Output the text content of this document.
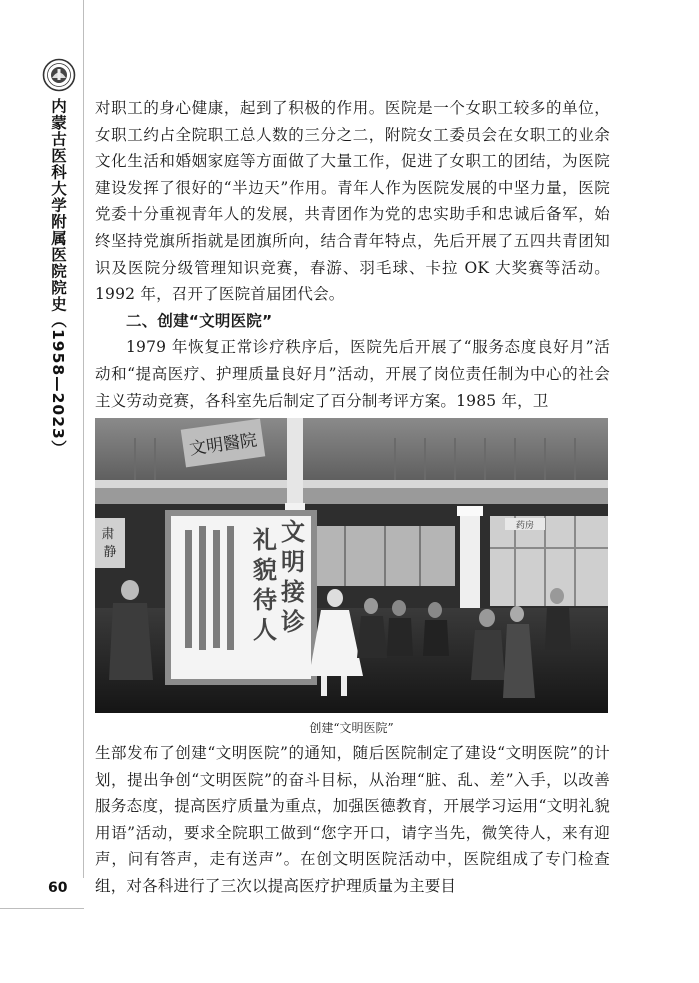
内蒙古医科大学附属医院院史（1958—2023）
60

对职工的身心健康，起到了积极的作用。医院是一个女职工较多的单位，女职工约占全院职工总人数的三分之二，附院女工委员会在女职工的业余文化生活和婚姻家庭等方面做了大量工作，促进了女职工的团结，为医院建设发挥了很好的“半边天”作用。青年人作为医院发展的中坚力量，医院党委十分重视青年人的发展，共青团作为党的忠实助手和忠诚后备军，始终坚持党旗所指就是团旗所向，结合青年特点，先后开展了五四共青团知识及医院分级管理知识竞赛，春游、羽毛球、卡拉 OK 大奖赛等活动。1992 年，召开了医院首届团代会。

二、创建“文明医院”

1979 年恢复正常诊疗秩序后，医院先后开展了“服务态度良好月”活动和“提高医疗、护理质量良好月”活动，开展了岗位责任制为中心的社会主义劳动竞赛，各科室先后制定了百分制考评方案。1985 年，卫

文明醫院
药房
肃 静	礼貌待人
文明接诊
创建“文明医院”

生部发布了创建“文明医院”的通知，随后医院制定了建设“文明医院”的计划，提出争创“文明医院”的奋斗目标，从治理“脏、乱、差”入手，以改善服务态度，提高医疗质量为重点，加强医德教育，开展学习运用“文明礼貌用语”活动，要求全院职工做到“您字开口，请字当先，微笑待人，来有迎声，问有答声，走有送声”。在创文明医院活动中，医院组成了专门检查组，对各科进行了三次以提高医疗护理质量为主要目
